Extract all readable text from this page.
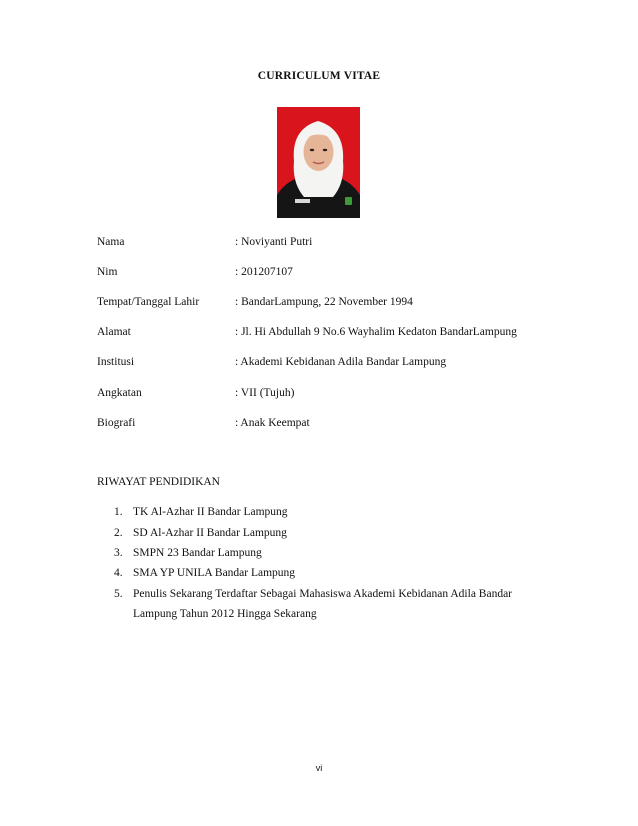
CURRICULUM VITAE
Nama	: Noviyanti Putri
Nim	: 201207107
Tempat/Tanggal Lahir	: BandarLampung, 22 November 1994
Alamat	: Jl. Hi Abdullah 9 No.6 Wayhalim Kedaton BandarLampung
Institusi	: Akademi Kebidanan Adila Bandar Lampung
Angkatan	: VII (Tujuh)
Biografi	: Anak Keempat
RIWAYAT PENDIDIKAN
1. TK Al-Azhar II Bandar Lampung
2. SD Al-Azhar II Bandar Lampung
3. SMPN 23 Bandar Lampung
4. SMA YP UNILA Bandar Lampung
5. Penulis Sekarang Terdaftar Sebagai Mahasiswa Akademi Kebidanan Adila Bandar
Lampung Tahun 2012 Hingga Sekarang
vi
